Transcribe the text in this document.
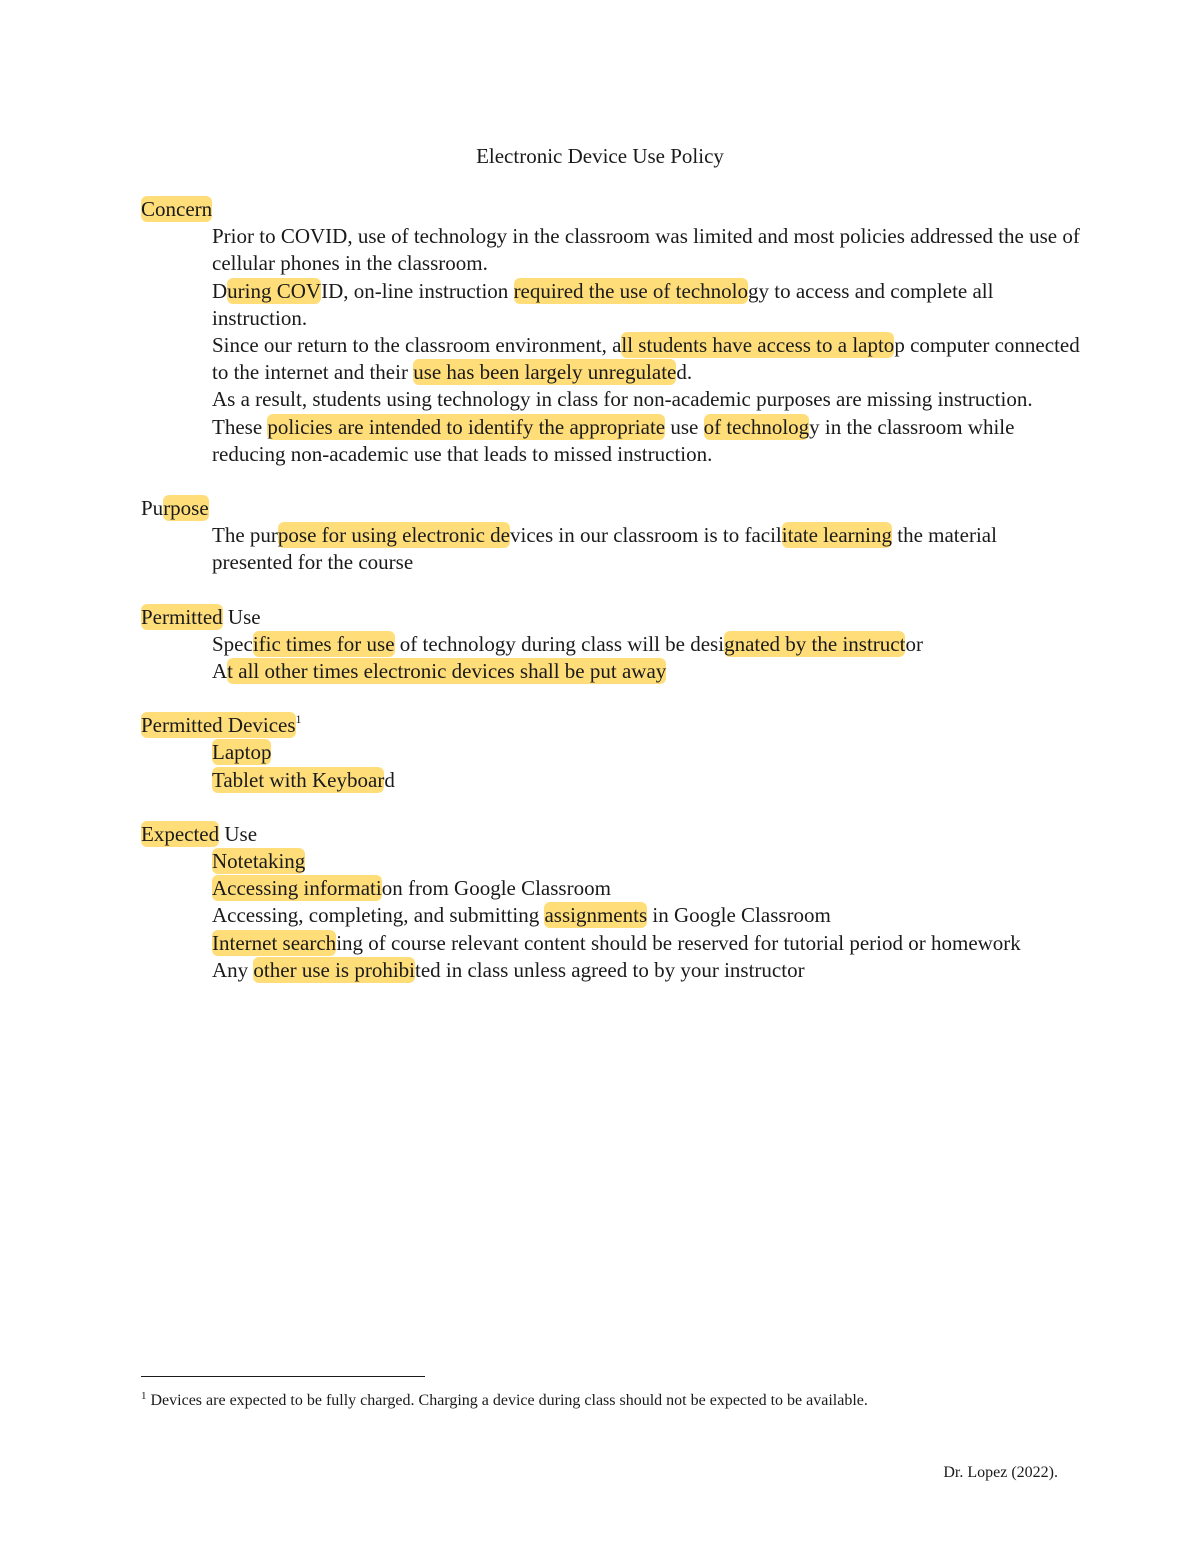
Electronic Device Use Policy
Concern
Prior to COVID, use of technology in the classroom was limited and most policies addressed the use of cellular phones in the classroom.
During COVID, on-line instruction required the use of technology to access and complete all instruction.
Since our return to the classroom environment, all students have access to a laptop computer connected to the internet and their use has been largely unregulated.
As a result, students using technology in class for non-academic purposes are missing instruction.
These policies are intended to identify the appropriate use of technology in the classroom while reducing non-academic use that leads to missed instruction.
Purpose
The purpose for using electronic devices in our classroom is to facilitate learning the material presented for the course
Permitted Use
Specific times for use of technology during class will be designated by the instructor
At all other times electronic devices shall be put away
Permitted Devices$^1$
Laptop
Tablet with Keyboard
Expected Use
Notetaking
Accessing information from Google Classroom
Accessing, completing, and submitting assignments in Google Classroom
Internet searching of course relevant content should be reserved for tutorial period or homework
Any other use is prohibited in class unless agreed to by your instructor
$^1$ Devices are expected to be fully charged. Charging a device during class should not be expected to be available.
Dr. Lopez (2022).
